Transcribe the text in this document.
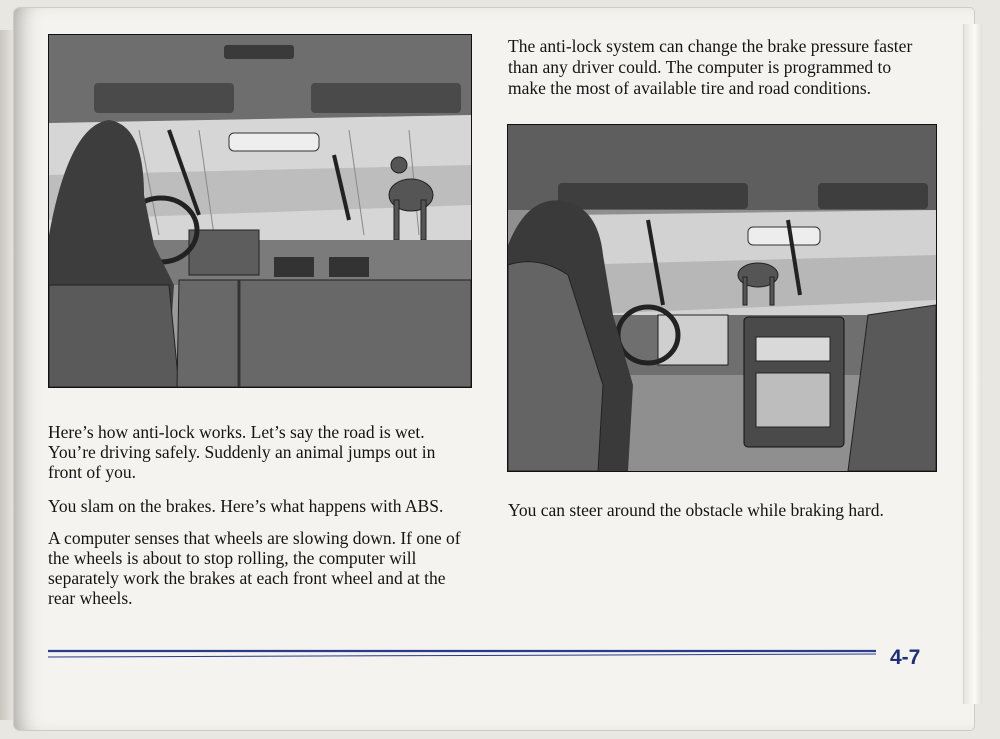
The anti-lock system can change the brake pressure faster than any driver could. The computer is programmed to make the most of available tire and road conditions.

Here’s how anti-lock works. Let’s say the road is wet. You’re driving safely. Suddenly an animal jumps out in front of you.

You slam on the brakes. Here’s what happens with ABS.

A computer senses that wheels are slowing down. If one of the wheels is about to stop rolling, the computer will separately work the brakes at each front wheel and at the rear wheels.

You can steer around the obstacle while braking hard.

4-7
